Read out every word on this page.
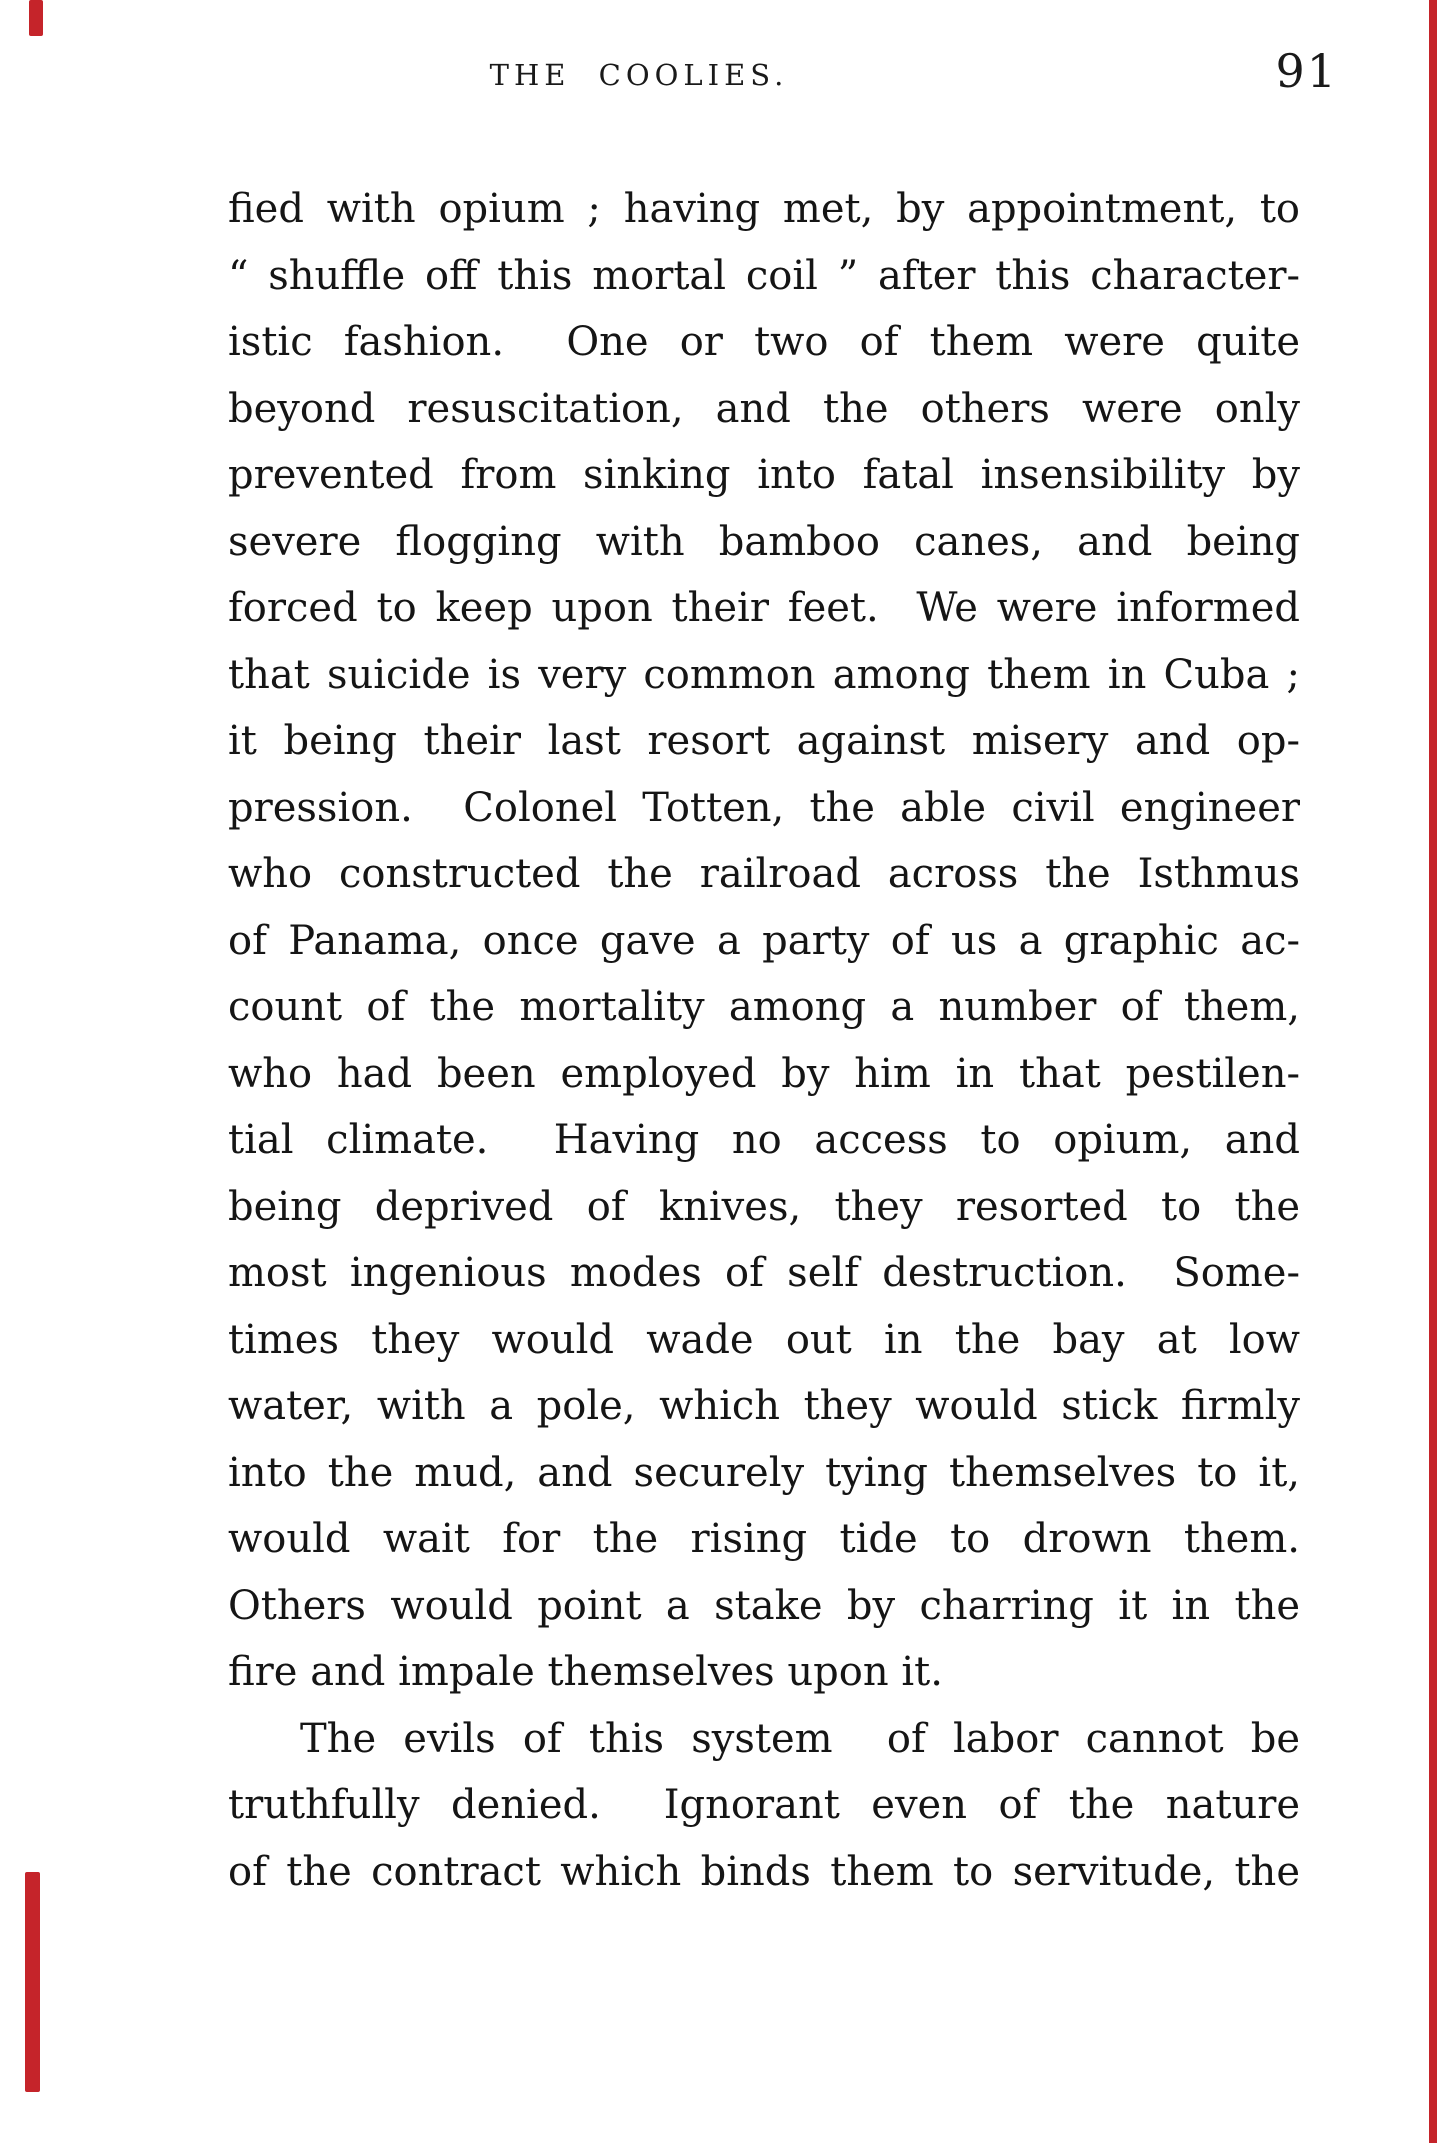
THE COOLIES.	91
fied with opium ; having met, by appointment, to
“ shuffle off this mortal coil ” after this character-
istic fashion.  One or two of them were quite
beyond resuscitation, and the others were only
prevented from sinking into fatal insensibility by
severe flogging with bamboo canes, and being
forced to keep upon their feet.  We were informed
that suicide is very common among them in Cuba ;
it being their last resort against misery and op-
pression.  Colonel Totten, the able civil engineer
who constructed the railroad across the Isthmus
of Panama, once gave a party of us a graphic ac-
count of the mortality among a number of them,
who had been employed by him in that pestilen-
tial climate.  Having no access to opium, and
being deprived of knives, they resorted to the
most ingenious modes of self destruction.  Some-
times they would wade out in the bay at low
water, with a pole, which they would stick firmly
into the mud, and securely tying themselves to it,
would wait for the rising tide to drown them.
Others would point a stake by charring it in the
fire and impale themselves upon it.
The evils of this system  of labor cannot be
truthfully denied.  Ignorant even of the nature
of the contract which binds them to servitude, the
